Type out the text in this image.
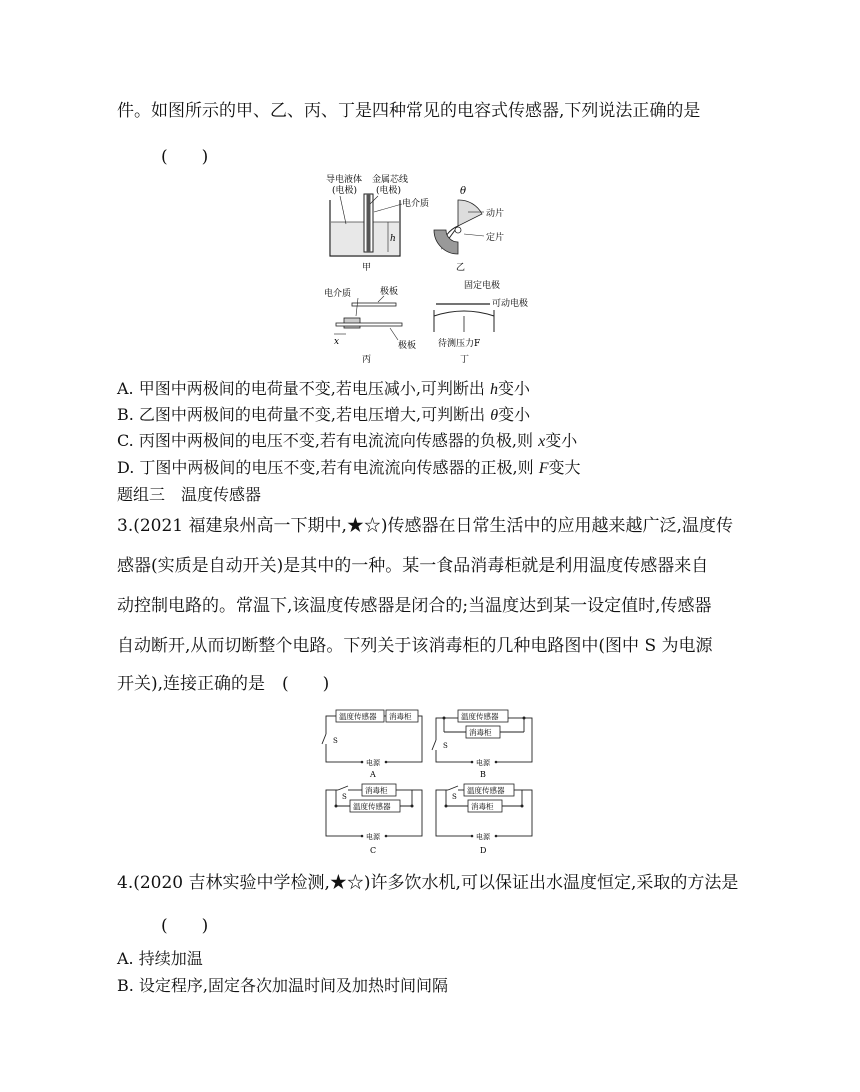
件。如图所示的甲、乙、丙、丁是四种常见的电容式传感器,下列说法正确的是
(　　)
导电液体
(电极)
金属芯线
(电极)
电介质
h
甲
θ
动片
定片
乙
电介质	极板
极板
x
丙
固定电极
可动电极
待测压力F
丁
A. 甲图中两极间的电荷量不变,若电压减小,可判断出 h变小
B. 乙图中两极间的电荷量不变,若电压增大,可判断出 θ变小
C. 丙图中两极间的电压不变,若有电流流向传感器的负极,则 x变小
D. 丁图中两极间的电压不变,若有电流流向传感器的正极,则 F变大
题组三　温度传感器
3.(2021 福建泉州高一下期中,★☆)传感器在日常生活中的应用越来越广泛,温度传
感器(实质是自动开关)是其中的一种。某一食品消毒柜就是利用温度传感器来自
动控制电路的。常温下,该温度传感器是闭合的;当温度达到某一设定值时,传感器
自动断开,从而切断整个电路。下列关于该消毒柜的几种电路图中(图中 S 为电源
开关),连接正确的是　(　　)
温度传感器 消毒柜
S
电源
A
温度传感器
消毒柜
S
电源
B
S
消毒柜
温度传感器
电源
C
S
温度传感器
消毒柜
电源
D
4.(2020 吉林实验中学检测,★☆)许多饮水机,可以保证出水温度恒定,采取的方法是
(　　)
A. 持续加温
B. 设定程序,固定各次加温时间及加热时间间隔
